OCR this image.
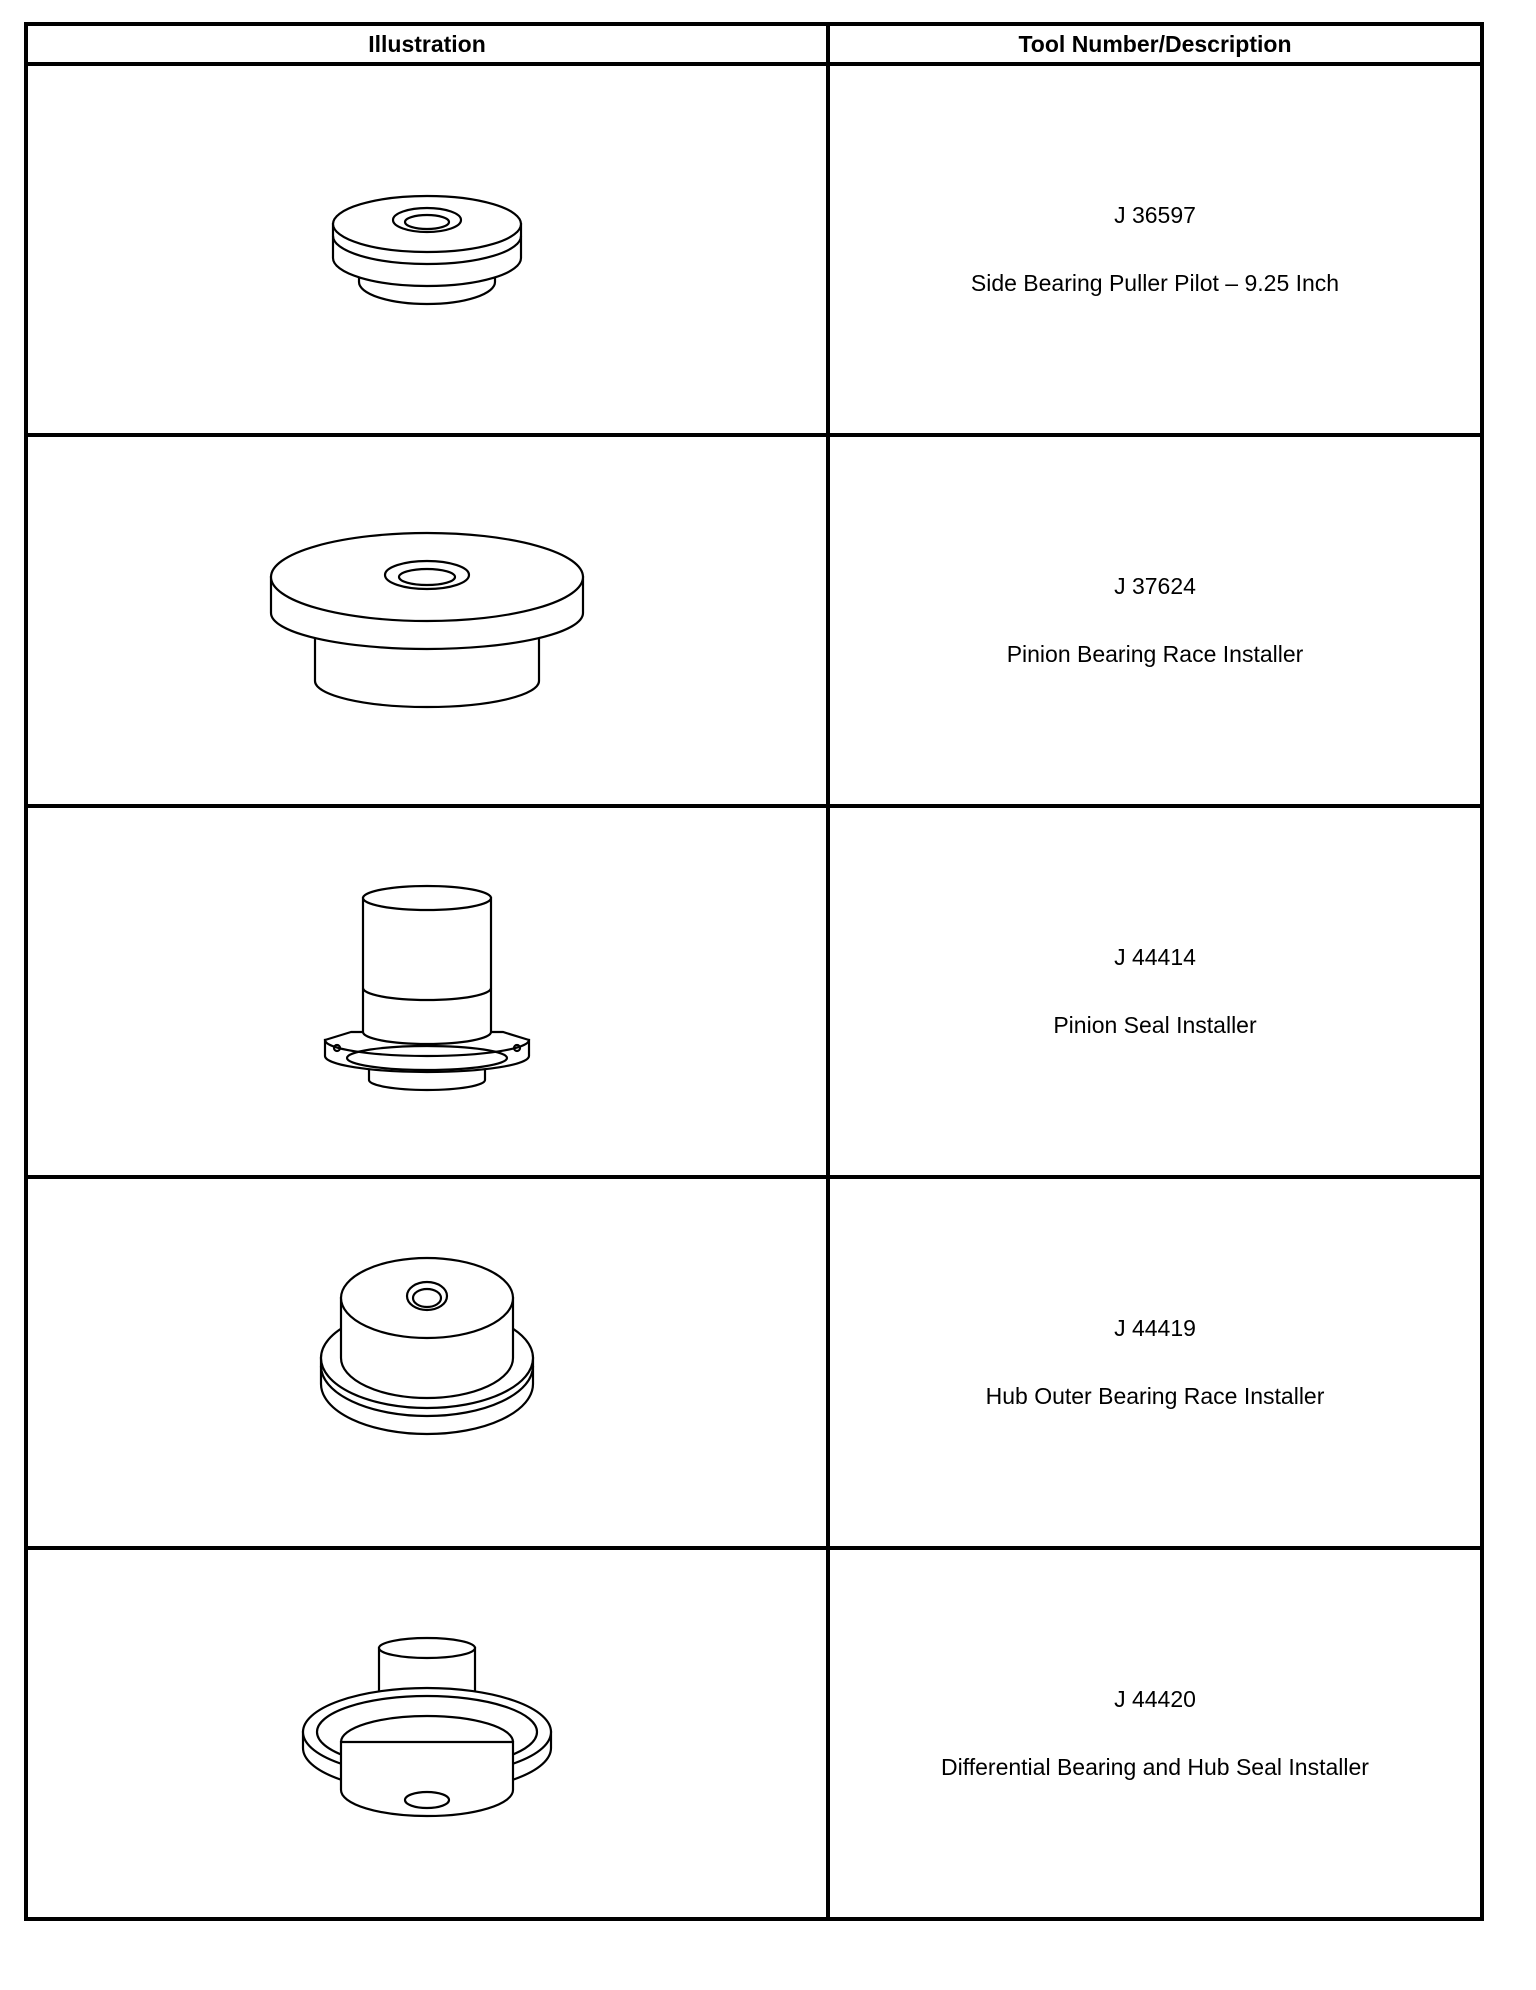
Illustration	Tool Number/Description

J 36597
Side Bearing Puller Pilot – 9.25 Inch

J 37624
Pinion Bearing Race Installer

J 44414
Pinion Seal Installer

J 44419
Hub Outer Bearing Race Installer

J 44420
Differential Bearing and Hub Seal Installer
